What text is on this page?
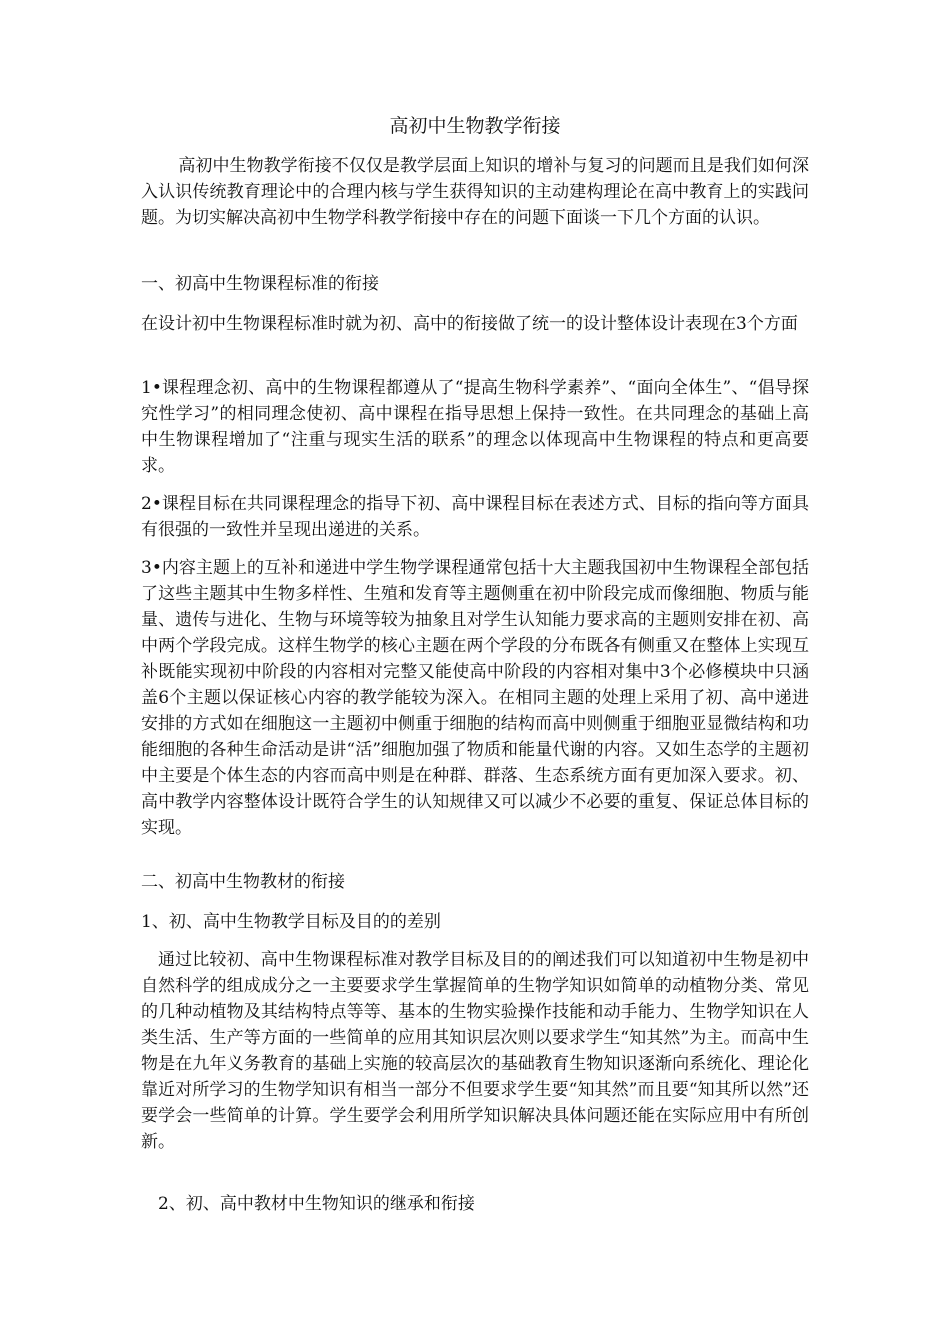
高初中生物教学衔接
高初中生物教学衔接不仅仅是教学层面上知识的增补与复习的问题而且是我们如何深入认识传统教育理论中的合理内核与学生获得知识的主动建构理论在高中教育上的实践问题。为切实解决高初中生物学科教学衔接中存在的问题下面谈一下几个方面的认识。
一、初高中生物课程标准的衔接
在设计初中生物课程标准时就为初、高中的衔接做了统一的设计整体设计表现在3个方面
1•课程理念初、高中的生物课程都遵从了“提高生物科学素养”、“面向全体生”、“倡导探究性学习”的相同理念使初、高中课程在指导思想上保持一致性。在共同理念的基础上高中生物课程增加了“注重与现实生活的联系”的理念以体现高中生物课程的特点和更高要求。
2•课程目标在共同课程理念的指导下初、高中课程目标在表述方式、目标的指向等方面具有很强的一致性并呈现出递进的关系。
3•内容主题上的互补和递进中学生物学课程通常包括十大主题我国初中生物课程全部包括了这些主题其中生物多样性、生殖和发育等主题侧重在初中阶段完成而像细胞、物质与能量、遗传与进化、生物与环境等较为抽象且对学生认知能力要求高的主题则安排在初、高中两个学段完成。这样生物学的核心主题在两个学段的分布既各有侧重又在整体上实现互补既能实现初中阶段的内容相对完整又能使高中阶段的内容相对集中3个必修模块中只涵盖6个主题以保证核心内容的教学能较为深入。在相同主题的处理上采用了初、高中递进安排的方式如在细胞这一主题初中侧重于细胞的结构而高中则侧重于细胞亚显微结构和功能细胞的各种生命活动是讲“活”细胞加强了物质和能量代谢的内容。又如生态学的主题初中主要是个体生态的内容而高中则是在种群、群落、生态系统方面有更加深入要求。初、高中教学内容整体设计既符合学生的认知规律又可以减少不必要的重复、保证总体目标的实现。
二、初高中生物教材的衔接
1、初、高中生物教学目标及目的的差别
通过比较初、高中生物课程标准对教学目标及目的的阐述我们可以知道初中生物是初中自然科学的组成成分之一主要要求学生掌握简单的生物学知识如简单的动植物分类、常见的几种动植物及其结构特点等等、基本的生物实验操作技能和动手能力、生物学知识在人类生活、生产等方面的一些简单的应用其知识层次则以要求学生“知其然”为主。而高中生物是在九年义务教育的基础上实施的较高层次的基础教育生物知识逐渐向系统化、理论化靠近对所学习的生物学知识有相当一部分不但要求学生要“知其然”而且要“知其所以然”还要学会一些简单的计算。学生要学会利用所学知识解决具体问题还能在实际应用中有所创新。
2、初、高中教材中生物知识的继承和衔接
